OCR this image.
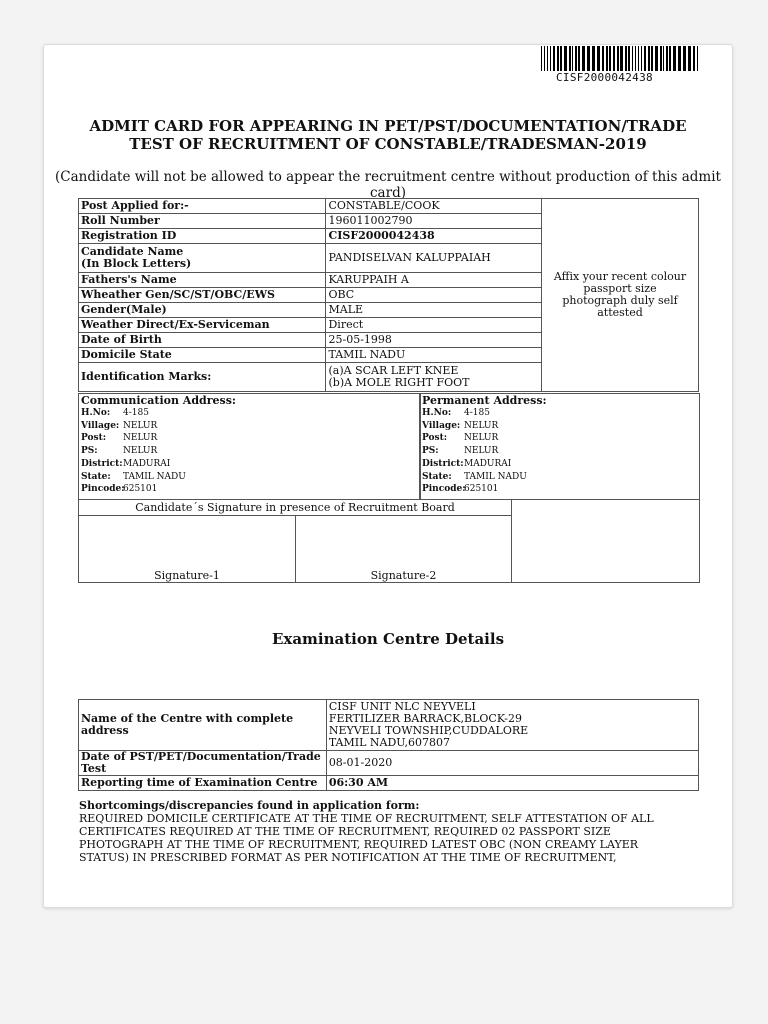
CISF2000042438
ADMIT CARD FOR APPEARING IN PET/PST/DOCUMENTATION/TRADE TEST OF RECRUITMENT OF CONSTABLE/TRADESMAN-2019
(Candidate will not be allowed to appear the recruitment centre without production of this admit card)
Post Applied for:-	CONSTABLE/COOK	Affix your recent colour passport size photograph duly self attested

Roll Number	196011002790	
Registration ID	CISF2000042438	

Candidate Name
(In Block Letters)	PANDISELVAN KALUPPAIAH	
Fathers's Name	KARUPPAIH A	
Wheather Gen/SC/ST/OBC/EWS	OBC	
Gender(Male)	MALE	
Weather Direct/Ex-Serviceman	Direct	
Date of Birth	25-05-1998	
Domicile State	TAMIL NADU	
Identification Marks:	(a)A SCAR LEFT KNEE
(b)A MOLE RIGHT FOOT	
Communication Address:
H.No:	4-185
Village: NELUR
Post:	NELUR
PS:	NELUR
District: MADURAI
State:	TAMIL NADU
Pincode:
625101
Permanent Address:
H.No:	4-185
Village: NELUR
Post:	NELUR
PS:	NELUR
District: MADURAI
State:	TAMIL NADU
Pincode:
625101
Candidate´s Signature in presence of Recruitment Board
Signature-1	Signature-2
Examination Centre Details
Name of the Centre with complete address	CISF UNIT NLC NEYVELI
FERTILIZER BARRACK,BLOCK-29
NEYVELI TOWNSHIP,CUDDALORE
TAMIL NADU,607807

Date of PST/PET/Documentation/Trade Test	08-01-2020
Reporting time of Examination Centre	06:30 AM
Shortcomings/discrepancies found in application form:
REQUIRED DOMICILE CERTIFICATE AT THE TIME OF RECRUITMENT, SELF ATTESTATION OF ALL CERTIFICATES REQUIRED AT THE TIME OF RECRUITMENT, REQUIRED 02 PASSPORT SIZE PHOTOGRAPH AT THE TIME OF RECRUITMENT, REQUIRED LATEST OBC (NON CREAMY LAYER STATUS) IN PRESCRIBED FORMAT AS PER NOTIFICATION AT THE TIME OF RECRUITMENT,
